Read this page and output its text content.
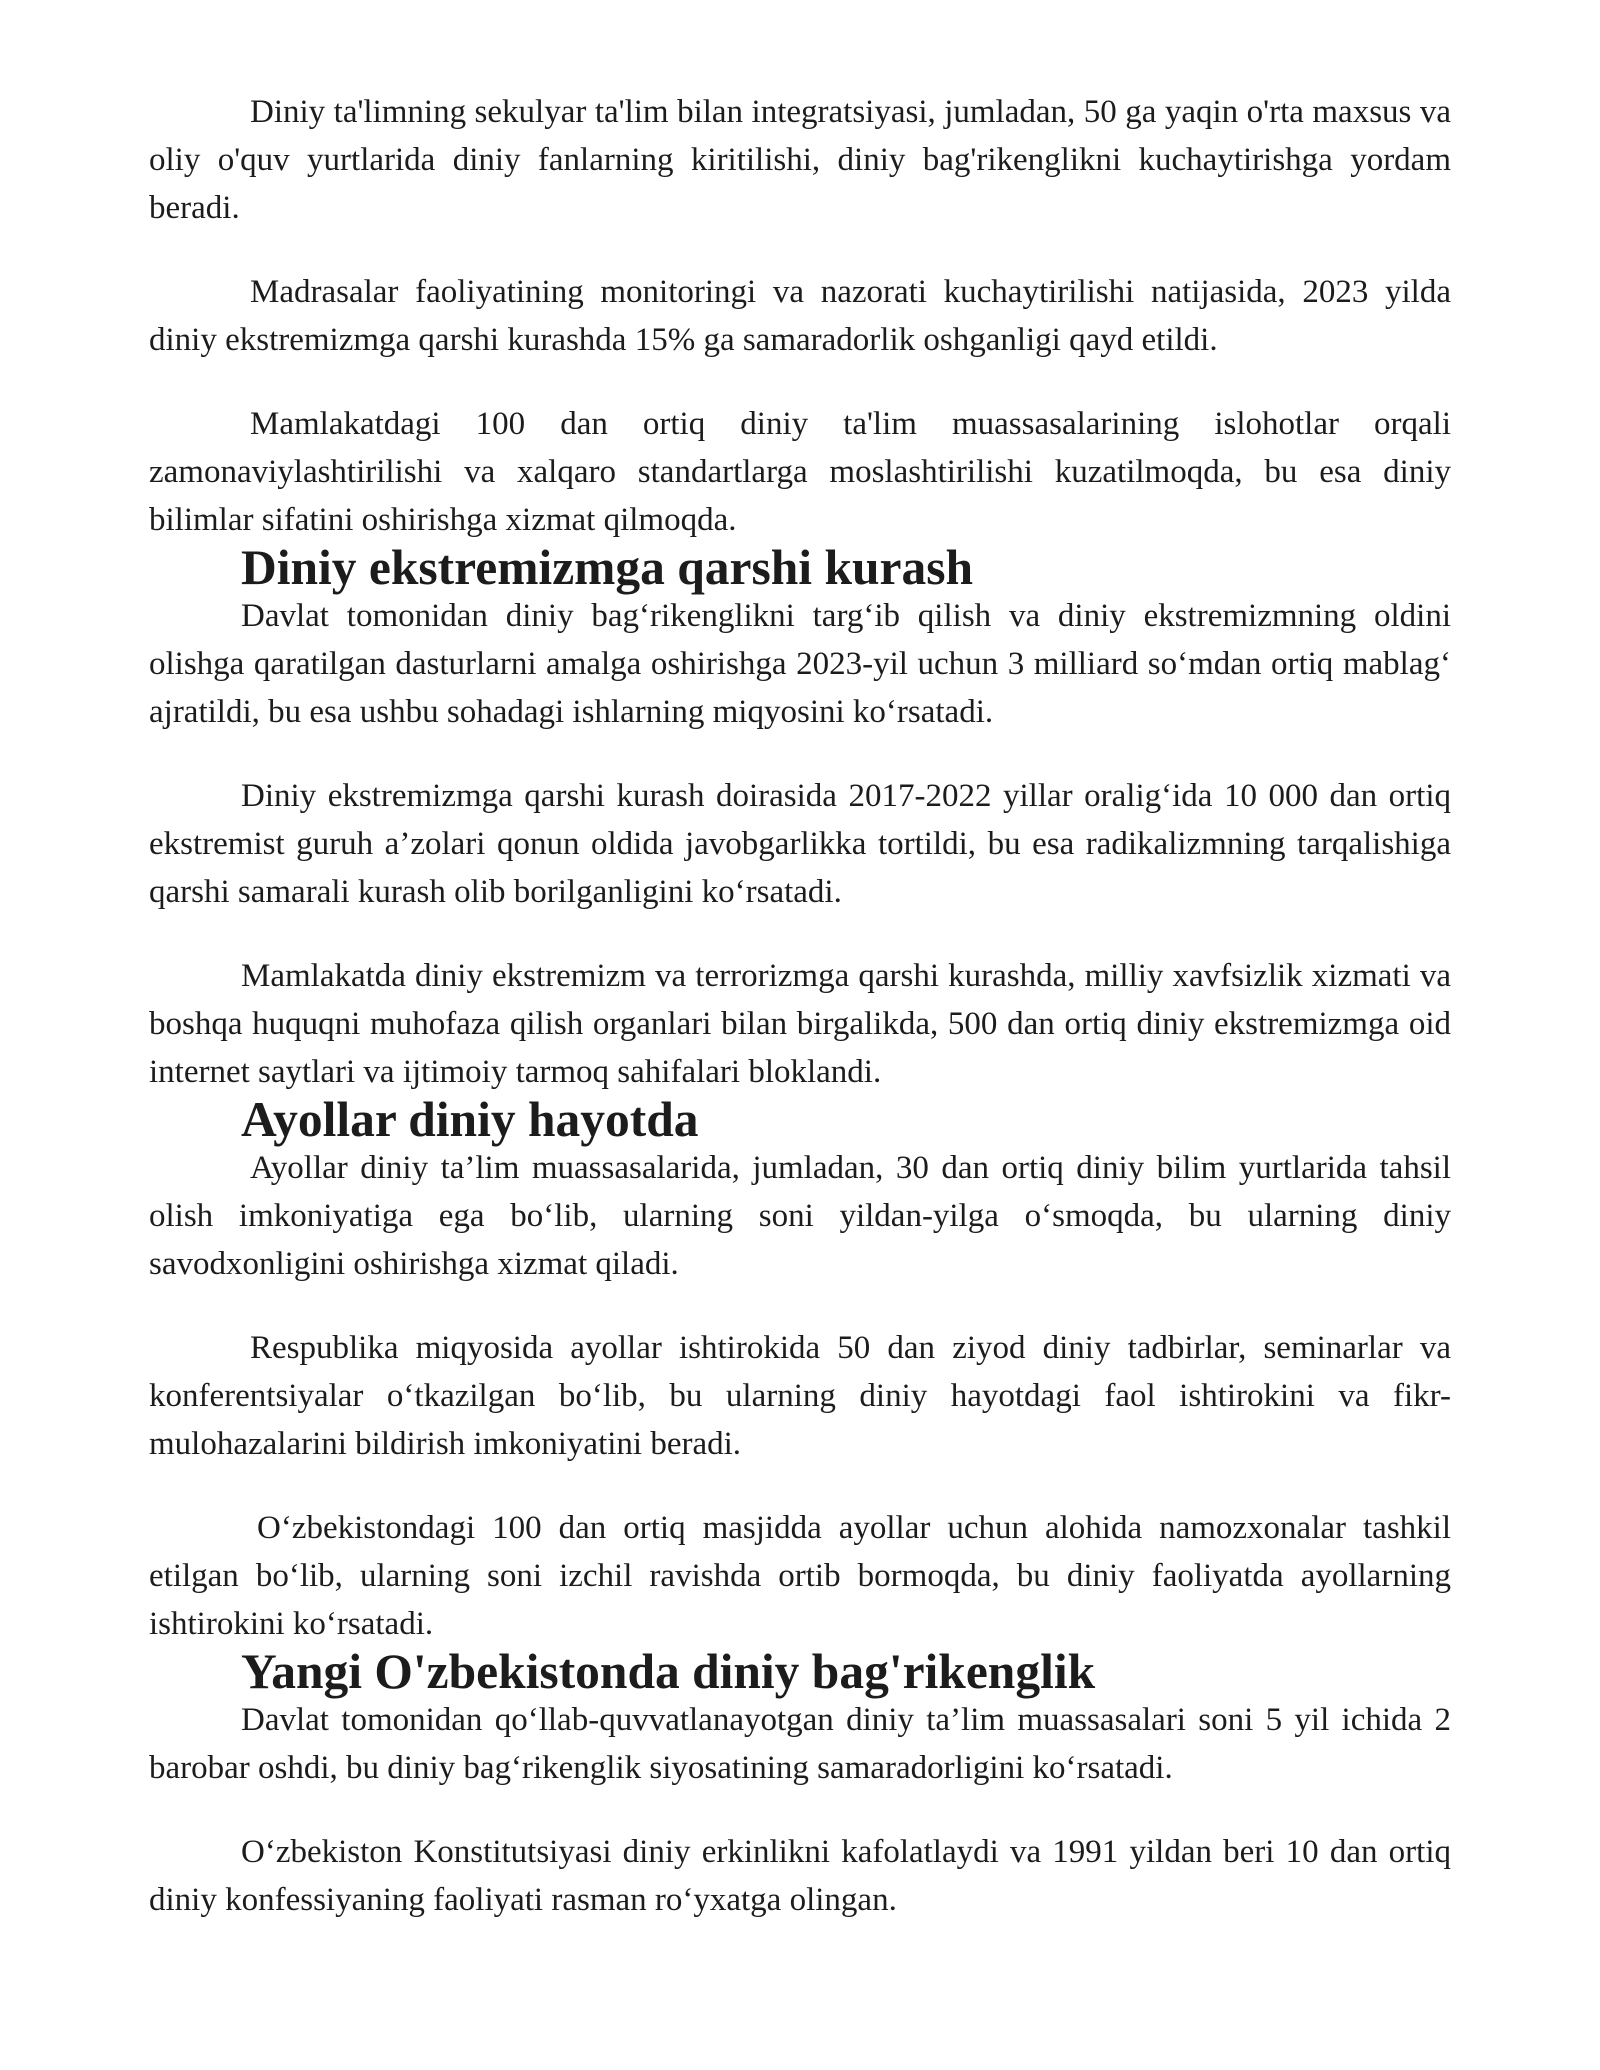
Diniy ta'limning sekulyar ta'lim bilan integratsiyasi, jumladan, 50 ga yaqin o'rta maxsus va oliy o'quv yurtlarida diniy fanlarning kiritilishi, diniy bag'rikenglikni kuchaytirishga yordam beradi.

Madrasalar faoliyatining monitoringi va nazorati kuchaytirilishi natijasida, 2023 yilda diniy ekstremizmga qarshi kurashda 15% ga samaradorlik oshganligi qayd etildi.

Mamlakatdagi 100 dan ortiq diniy ta'lim muassasalarining islohotlar orqali zamonaviylashtirilishi va xalqaro standartlarga moslashtirilishi kuzatilmoqda, bu esa diniy bilimlar sifatini oshirishga xizmat qilmoqda.

Diniy ekstremizmga qarshi kurash

Davlat tomonidan diniy bag‘rikenglikni targ‘ib qilish va diniy ekstremizmning oldini olishga qaratilgan dasturlarni amalga oshirishga 2023-yil uchun 3 milliard so‘mdan ortiq mablag‘ ajratildi, bu esa ushbu sohadagi ishlarning miqyosini ko‘rsatadi.

Diniy ekstremizmga qarshi kurash doirasida 2017-2022 yillar oralig‘ida 10 000 dan ortiq ekstremist guruh a’zolari qonun oldida javobgarlikka tortildi, bu esa radikalizmning tarqalishiga qarshi samarali kurash olib borilganligini ko‘rsatadi.

Mamlakatda diniy ekstremizm va terrorizmga qarshi kurashda, milliy xavfsizlik xizmati va boshqa huquqni muhofaza qilish organlari bilan birgalikda, 500 dan ortiq diniy ekstremizmga oid internet saytlari va ijtimoiy tarmoq sahifalari bloklandi.

Ayollar diniy hayotda

Ayollar diniy ta’lim muassasalarida, jumladan, 30 dan ortiq diniy bilim yurtlarida tahsil olish imkoniyatiga ega bo‘lib, ularning soni yildan-yilga o‘smoqda, bu ularning diniy savodxonligini oshirishga xizmat qiladi.

Respublika miqyosida ayollar ishtirokida 50 dan ziyod diniy tadbirlar, seminarlar va konferentsiyalar o‘tkazilgan bo‘lib, bu ularning diniy hayotdagi faol ishtirokini va fikr-mulohazalarini bildirish imkoniyatini beradi.

O‘zbekistondagi 100 dan ortiq masjidda ayollar uchun alohida namozxonalar tashkil etilgan bo‘lib, ularning soni izchil ravishda ortib bormoqda, bu diniy faoliyatda ayollarning ishtirokini ko‘rsatadi.

Yangi O'zbekistonda diniy bag'rikenglik

Davlat tomonidan qo‘llab-quvvatlanayotgan diniy ta’lim muassasalari soni 5 yil ichida 2 barobar oshdi, bu diniy bag‘rikenglik siyosatining samaradorligini ko‘rsatadi.

O‘zbekiston Konstitutsiyasi diniy erkinlikni kafolatlaydi va 1991 yildan beri 10 dan ortiq diniy konfessiyaning faoliyati rasman ro‘yxatga olingan.
